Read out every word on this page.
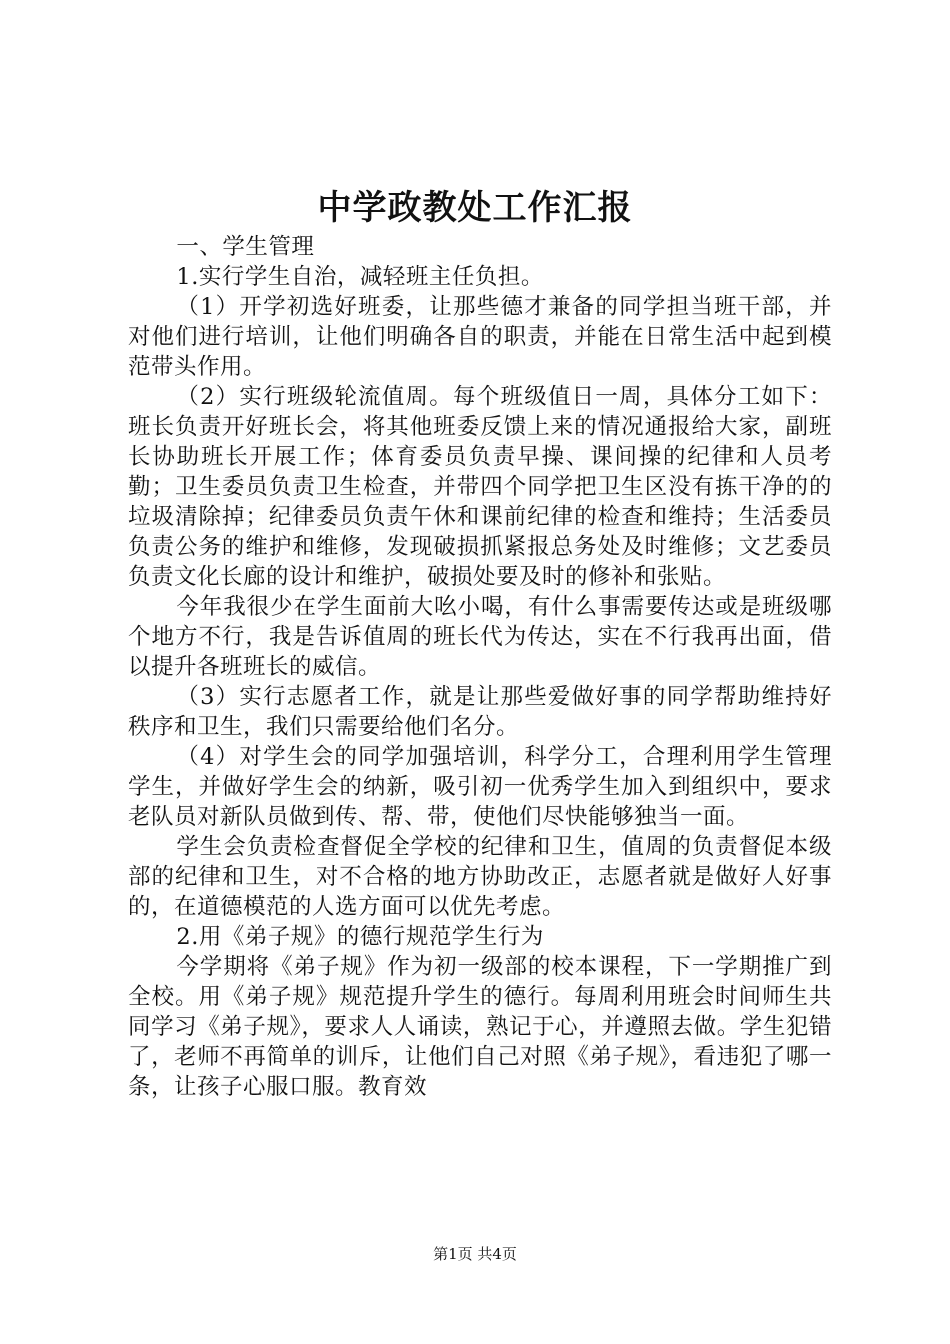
中学政教处工作汇报

一、学生管理

1.实行学生自治，减轻班主任负担。

（1）开学初选好班委，让那些德才兼备的同学担当班干部，并对他们进行培训，让他们明确各自的职责，并能在日常生活中起到模范带头作用。

（2）实行班级轮流值周。每个班级值日一周，具体分工如下：班长负责开好班长会，将其他班委反馈上来的情况通报给大家，副班长协助班长开展工作；体育委员负责早操、课间操的纪律和人员考勤；卫生委员负责卫生检查，并带四个同学把卫生区没有拣干净的的垃圾清除掉；纪律委员负责午休和课前纪律的检查和维持；生活委员负责公务的维护和维修，发现破损抓紧报总务处及时维修；文艺委员负责文化长廊的设计和维护，破损处要及时的修补和张贴。

今年我很少在学生面前大吆小喝，有什么事需要传达或是班级哪个地方不行，我是告诉值周的班长代为传达，实在不行我再出面，借以提升各班班长的威信。

（3）实行志愿者工作，就是让那些爱做好事的同学帮助维持好秩序和卫生，我们只需要给他们名分。

（4）对学生会的同学加强培训，科学分工，合理利用学生管理学生，并做好学生会的纳新，吸引初一优秀学生加入到组织中，要求老队员对新队员做到传、帮、带，使他们尽快能够独当一面。

学生会负责检查督促全学校的纪律和卫生，值周的负责督促本级部的纪律和卫生，对不合格的地方协助改正，志愿者就是做好人好事的，在道德模范的人选方面可以优先考虑。

2.用《弟子规》的德行规范学生行为

今学期将《弟子规》作为初一级部的校本课程，下一学期推广到全校。用《弟子规》规范提升学生的德行。每周利用班会时间师生共同学习《弟子规》，要求人人诵读，熟记于心，并遵照去做。学生犯错了，老师不再简单的训斥，让他们自己对照《弟子规》，看违犯了哪一条，让孩子心服口服。教育效

第1页 共4页
